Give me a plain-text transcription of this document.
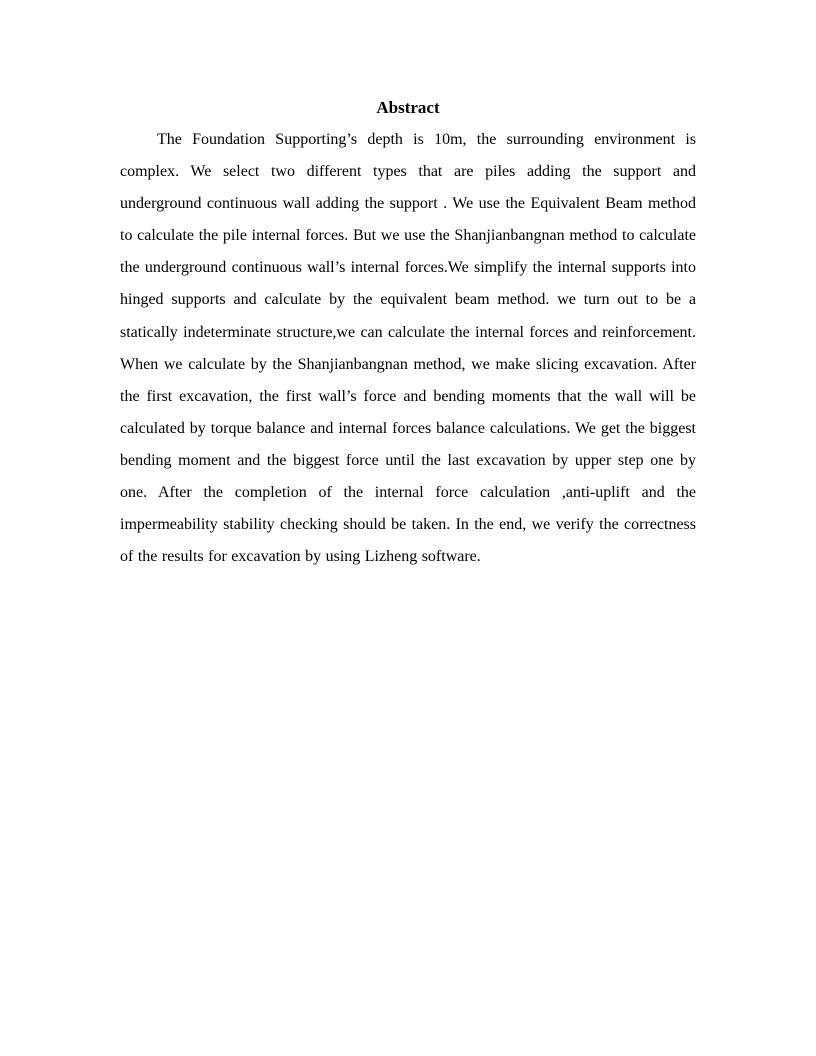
Abstract

The Foundation Supporting’s depth is 10m, the surrounding environment is complex. We select two different types that are piles adding the support and underground continuous wall adding the support . We use the Equivalent Beam method to calculate the pile internal forces. But we use the Shanjianbangnan method to calculate the underground continuous wall’s internal forces.We simplify the internal supports into hinged supports and calculate by the equivalent beam method. we turn out to be a statically indeterminate structure,we can calculate the internal forces and reinforcement. When we calculate by the Shanjianbangnan method, we make slicing excavation. After the first excavation, the first wall’s force and bending moments that the wall will be calculated by torque balance and internal forces balance calculations. We get the biggest bending moment and the biggest force until the last excavation by upper step one by one. After the completion of the internal force calculation ,anti-uplift and the impermeability stability checking should be taken. In the end, we verify the correctness of the results for excavation by using Lizheng software.
